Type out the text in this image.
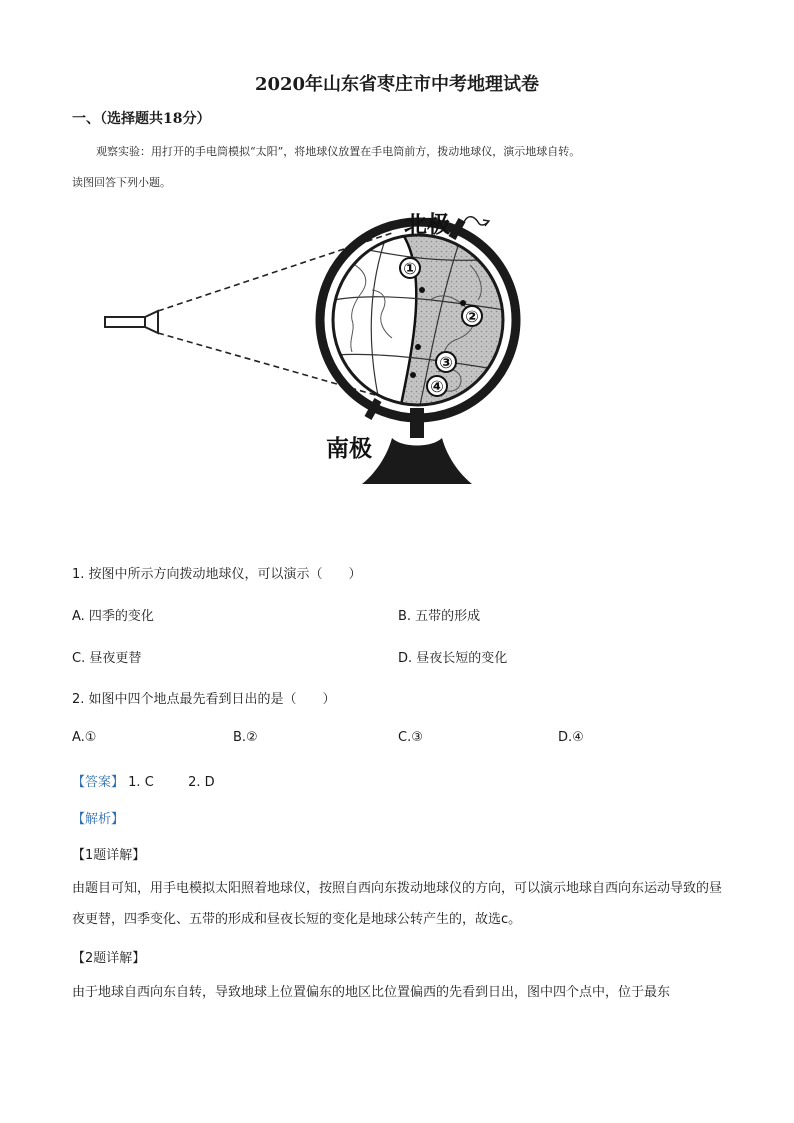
2020年山东省枣庄市中考地理试卷
一、（选择题共18分）
观察实验：用打开的手电筒模拟“太阳”，将地球仪放置在手电筒前方，拨动地球仪，演示地球自转。
读图回答下列小题。
北极
南极
①
②
③
④
1. 按图中所示方向拨动地球仪，可以演示（　　）
A. 四季的变化	B. 五带的形成
C. 昼夜更替	D. 昼夜长短的变化
2. 如图中四个地点最先看到日出的是（　　）
A.①	B.②	C.③	D.④
【答案】 1. C	2. D
【解析】
【1题详解】
由题目可知，用手电模拟太阳照着地球仪，按照自西向东拨动地球仪的方向，可以演示地球自西向东运动导致的昼夜更替，四季变化、五带的形成和昼夜长短的变化是地球公转产生的，故选c。
【2题详解】
由于地球自西向东自转，导致地球上位置偏东的地区比位置偏西的先看到日出，图中四个点中，位于最东
